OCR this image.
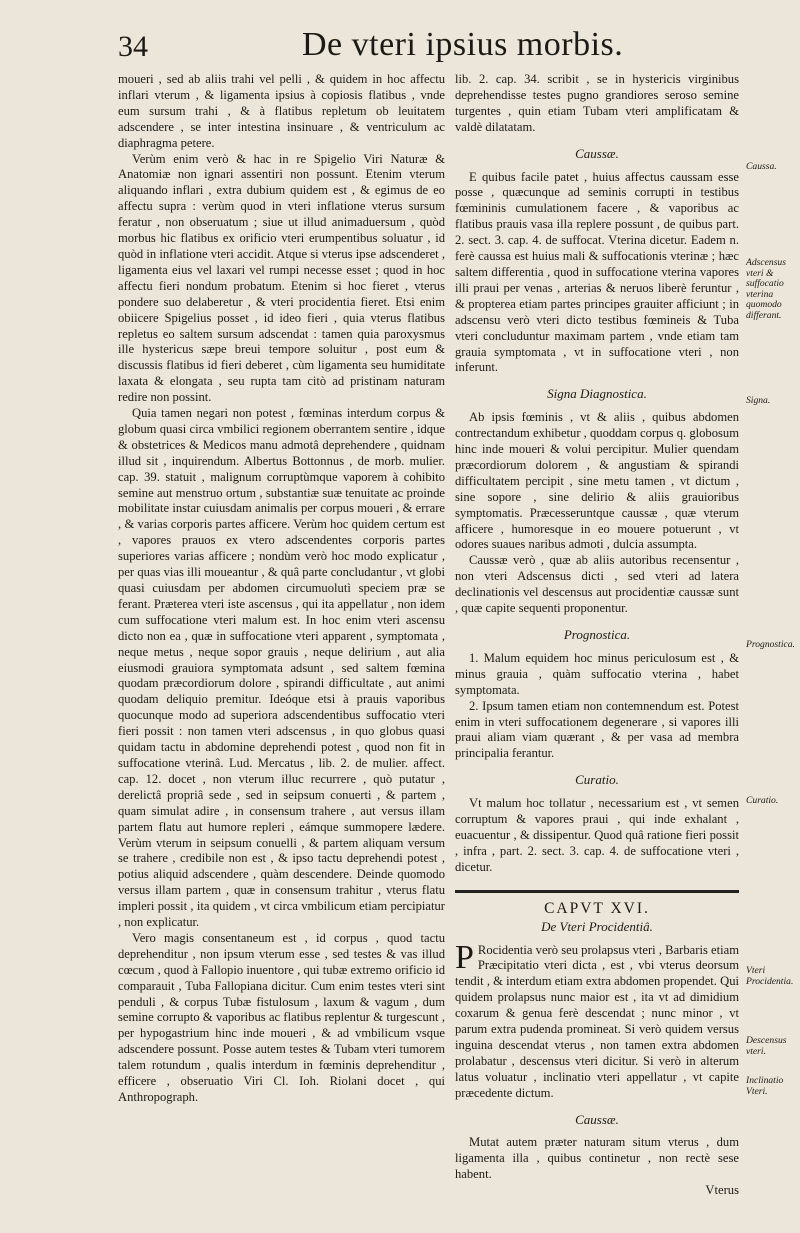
34	De vteri ipsius morbis.

moueri , sed ab aliis trahi vel pelli , & quidem in hoc affectu inflari vterum , & ligamenta ipsius à copiosis flatibus , vnde eum sursum trahi , & à flatibus repletum ob leuitatem adscendere , se inter intestina insinuare , & ventriculum ac diaphragma petere.

Verùm enim verò & hac in re Spigelio Viri Naturæ & Anatomiæ non ignari assentiri non possunt. Etenim vterum aliquando inflari , extra dubium quidem est , & egimus de eo affectu supra : verùm quod in vteri inflatione vterus sursum feratur , non obseruatum ; siue ut illud animaduersum , quòd morbus hic flatibus ex orificio vteri erumpentibus soluatur , id quòd in inflatione vteri accidit. Atque si vterus ipse adscenderet , ligamenta eius vel laxari vel rumpi necesse esset ; quod in hoc affectu fieri nondum probatum. Etenim si hoc fieret , vterus pondere suo delaberetur , & vteri procidentia fieret. Etsi enim obiicere Spigelius posset , id ideo fieri , quia vterus flatibus repletus eo saltem sursum adscendat : tamen quia paroxysmus ille hystericus sæpe breui tempore soluitur , post eum & discussis flatibus id fieri deberet , cùm ligamenta seu humiditate laxata & elongata , seu rupta tam citò ad pristinam naturam redire non possint.

Quia tamen negari non potest , fœminas interdum corpus & globum quasi circa vmbilici regionem oberrantem sentire , idque & obstetrices & Medicos manu admotâ deprehendere , quidnam illud sit , inquirendum. Albertus Bottonnus , de morb. mulier. cap. 39. statuit , malignum corruptùmque vaporem à cohibito semine aut menstruo ortum , substantiæ suæ tenuitate ac proinde mobilitate instar cuiusdam animalis per corpus moueri , & errare , & varias corporis partes afficere. Verùm hoc quidem certum est , vapores prauos ex vtero adscendentes corporis partes superiores varias afficere ; nondùm verò hoc modo explicatur , per quas vias illi moueantur , & quâ parte concludantur , vt globi quasi cuiusdam per abdomen circumuolutì speciem præ se ferant. Præterea vteri iste ascensus , qui ita appellatur , non idem cum suffocatione vteri malum est. In hoc enim vteri ascensu dicto non ea , quæ in suffocatione vteri apparent , symptomata , neque metus , neque sopor grauis , neque delirium , aut alia eiusmodi grauiora symptomata adsunt , sed saltem fœmina quodam præcordiorum dolore , spirandi difficultate , aut animi quodam deliquio premitur. Ideóque etsi à prauis vaporibus quocunque modo ad superiora adscendentibus suffocatio vteri fieri possit : non tamen vteri adscensus , in quo globus quasi quidam tactu in abdomine deprehendi potest , quod non fit in suffocatione vterinâ. Lud. Mercatus , lib. 2. de mulier. affect. cap. 12. docet , non vterum illuc recurrere , quò putatur , derelictâ propriâ sede , sed in seipsum conuerti , & partem , quam simulat adire , in consensum trahere , aut versus illam partem flatu aut humore repleri , eámque summopere lædere. Verùm vterum in seipsum conuelli , & partem aliquam versum se trahere , credibile non est , & ipso tactu deprehendi potest , potius aliquid adscendere , quàm descendere. Deinde quomodo versus illam partem , quæ in consensum trahitur , vterus flatu impleri possit , ita quidem , vt circa vmbilicum etiam percipiatur , non explicatur.

Vero magis consentaneum est , id corpus , quod tactu deprehenditur , non ipsum vterum esse , sed testes & vas illud cœcum , quod à Fallopio inuentore , qui tubæ extremo orificio id comparauit , Tuba Fallopiana dicitur. Cum enim testes vteri sint penduli , & corpus Tubæ fistulosum , laxum & vagum , dum semine corrupto & vaporibus ac flatibus replentur & turgescunt , per hypogastrium hinc inde moueri , & ad vmbilicum vsque adscendere possunt. Posse autem testes & Tubam vteri tumorem talem rotundum , qualis interdum in fœminis deprehenditur , efficere , obseruatio Viri Cl. Ioh. Riolani docet , qui Anthropograph.

lib. 2. cap. 34. scribit , se in hystericis virginibus deprehendisse testes pugno grandiores seroso semine turgentes , quin etiam Tubam vteri amplificatam & valdè dilatatam.

Caussæ.

E quibus facile patet , huius affectus caussam esse posse , quæcunque ad seminis corrupti in testibus fœmininis cumulationem facere , & vaporibus ac flatibus prauis vasa illa replere possunt , de quibus part. 2. sect. 3. cap. 4. de suffocat. Vterina dicetur. Eadem n. ferè caussa est huius mali & suffocationis vterinæ ; hæc saltem differentia , quod in suffocatione vterina vapores illi praui per venas , arterias & neruos liberè feruntur , & propterea etiam partes principes grauiter afficiunt ; in adscensu verò vteri dicto testibus fœmineis & Tuba vteri concluduntur maximam partem , vnde etiam tam grauia symptomata , vt in suffocatione vteri , non inferunt.

Signa Diagnostica.

Ab ipsis fœminis , vt & aliis , quibus abdomen contrectandum exhibetur , quoddam corpus q. globosum hinc inde moueri & volui percipitur. Mulier quendam præcordiorum dolorem , & angustiam & spirandi difficultatem percipit , sine metu tamen , vt dictum , sine sopore , sine delirio & aliis grauioribus symptomatis. Præcesseruntque caussæ , quæ vterum afficere , humoresque in eo mouere potuerunt , vt odores suaues naribus admoti , dulcia assumpta.

Caussæ verò , quæ ab aliis autoribus recensentur , non vteri Adscensus dicti , sed vteri ad latera declinationis vel descensus aut procidentiæ caussæ sunt , quæ capite sequenti proponentur.

Prognostica.

1. Malum equidem hoc minus periculosum est , & minus grauia , quàm suffocatio vterina , habet symptomata.

2. Ipsum tamen etiam non contemnendum est. Potest enim in vteri suffocationem degenerare , si vapores illi praui aliam viam quærant , & per vasa ad membra principalia ferantur.

Curatio.

Vt malum hoc tollatur , necessarium est , vt semen corruptum & vapores praui , qui inde exhalant , euacuentur , & dissipentur. Quod quâ ratione fieri possit , infra , part. 2. sect. 3. cap. 4. de suffocatione vteri , dicetur.

CAPVT XVI.
De Vteri Procidentiâ.

P Rocidentia verò seu prolapsus vteri , Barbaris etiam Præcipitatio vteri dicta , est , vbi vterus deorsum tendit , & interdum etiam extra abdomen propendet. Qui quidem prolapsus nunc maior est , ita vt ad dimidium coxarum & genua ferè descendat ; nunc minor , vt parum extra pudenda promineat. Si verò quidem versus inguina descendat vterus , non tamen extra abdomen prolabatur , descensus vteri dicitur. Si verò in alterum latus voluatur , inclinatio vteri appellatur , vt capite præcedente dictum.

Caussæ.

Mutat autem præter naturam situm vterus , dum ligamenta illa , quibus continetur , non rectè sese habent.

Vterus
Caussa.
Adscensus vteri & suffocatio vterina quomodo differant.
Signa.
Prognostica.
Curatio.
Vteri Procidentia.
Descensus vteri.
Inclinatio Vteri.
